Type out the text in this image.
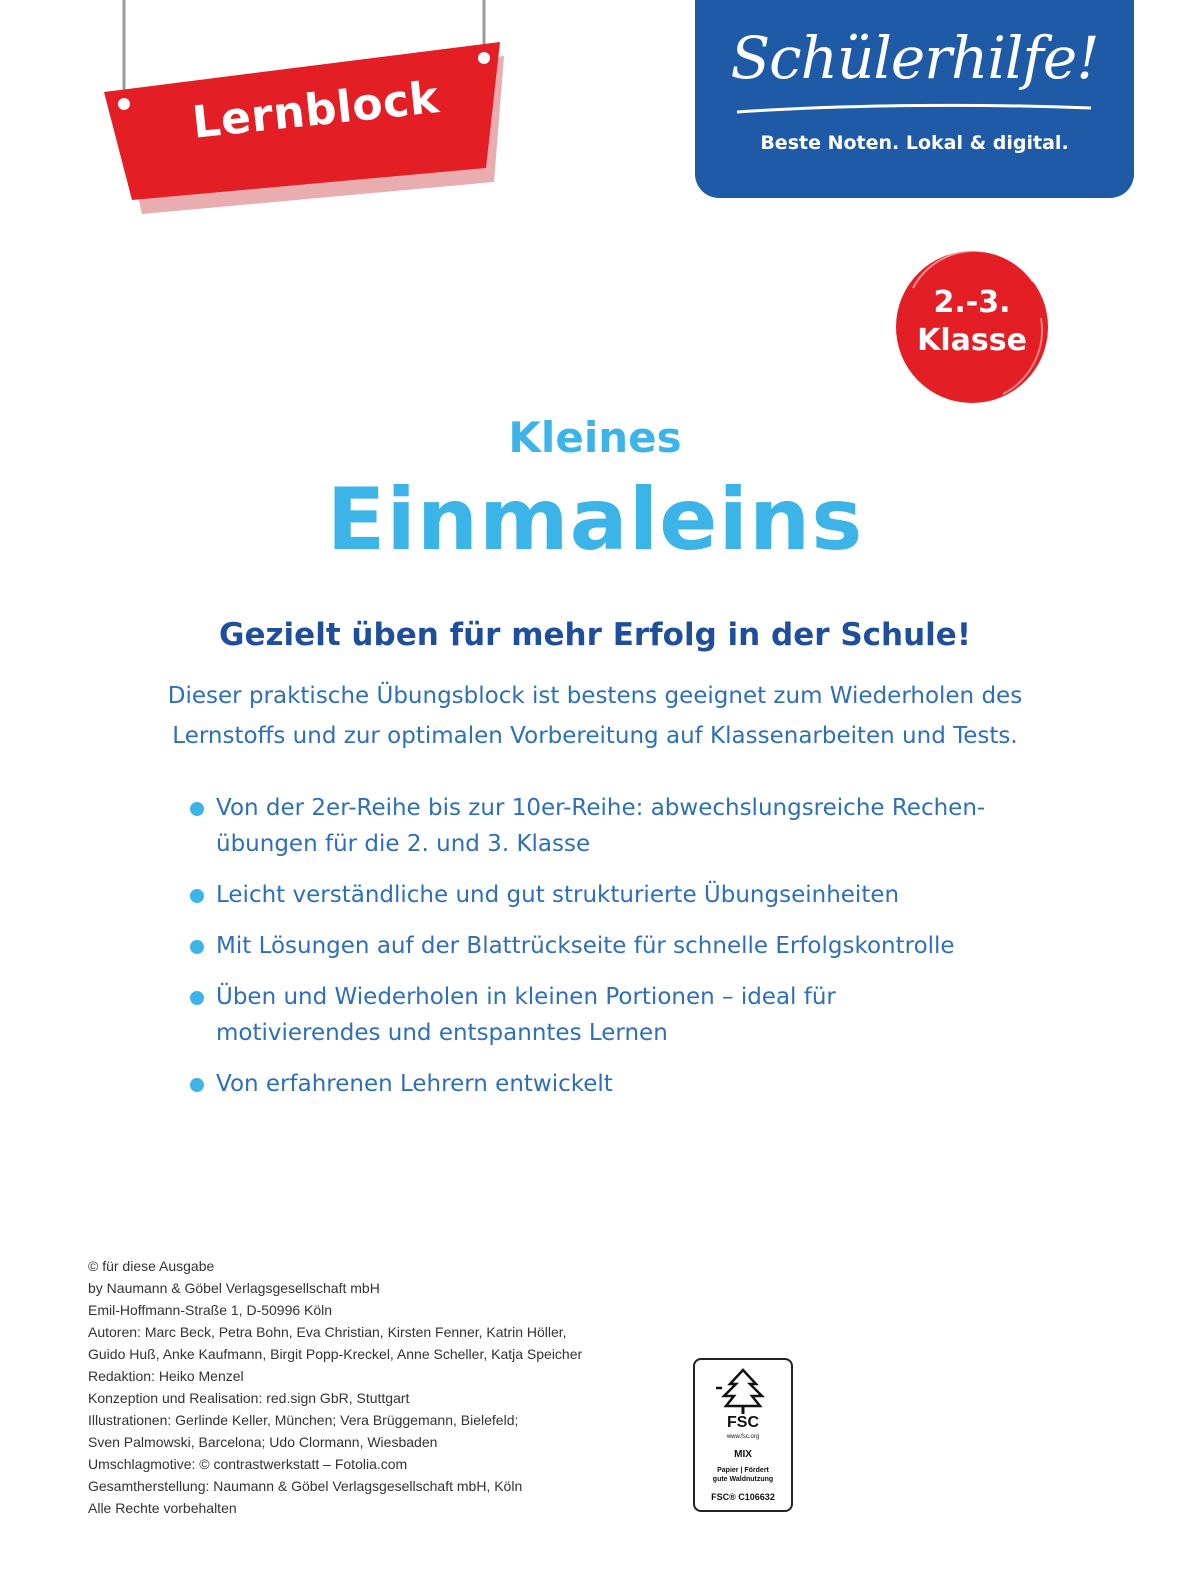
Lernblock
Schülerhilfe!
Beste Noten. Lokal & digital.
2.-3.
Klasse
Kleines
Einmaleins
Gezielt üben für mehr Erfolg in der Schule!
Dieser praktische Übungsblock ist bestens geeignet zum Wiederholen des
Lernstoffs und zur optimalen Vorbereitung auf Klassenarbeiten und Tests.
Von der 2er-Reihe bis zur 10er-Reihe: abwechslungsreiche Rechen-
übungen für die 2. und 3. Klasse
Leicht verständliche und gut strukturierte Übungseinheiten
Mit Lösungen auf der Blattrückseite für schnelle Erfolgskontrolle
Üben und Wiederholen in kleinen Portionen – ideal für
motivierendes und entspanntes Lernen
Von erfahrenen Lehrern entwickelt
© für diese Ausgabe
by Naumann & Göbel Verlagsgesellschaft mbH
Emil-Hoffmann-Straße 1, D-50996 Köln
Autoren: Marc Beck, Petra Bohn, Eva Christian, Kirsten Fenner, Katrin Höller,
Guido Huß, Anke Kaufmann, Birgit Popp-Kreckel, Anne Scheller, Katja Speicher
Redaktion: Heiko Menzel
Konzeption und Realisation: red.sign GbR, Stuttgart
Illustrationen: Gerlinde Keller, München; Vera Brüggemann, Bielefeld;
Sven Palmowski, Barcelona; Udo Clormann, Wiesbaden
Umschlagmotive: © contrastwerkstatt – Fotolia.com
Gesamtherstellung: Naumann & Göbel Verlagsgesellschaft mbH, Köln
Alle Rechte vorbehalten
FSC
www.fsc.org
MIX
Papier | Fördert
gute Waldnutzung
FSC® C106632
